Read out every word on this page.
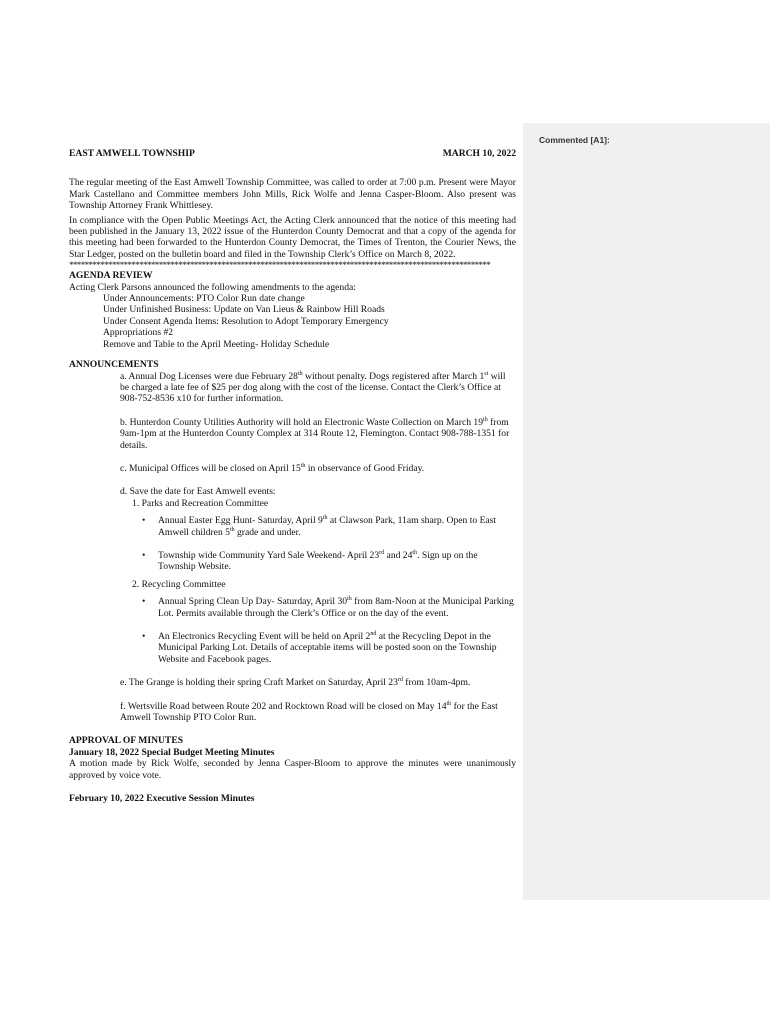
Commented [A1]:
EAST AMWELL TOWNSHIP	MARCH 10, 2022

The regular meeting of the East Amwell Township Committee, was called to order at 7:00 p.m. Present were Mayor Mark Castellano and Committee members John Mills, Rick Wolfe and Jenna Casper-Bloom. Also present was Township Attorney Frank Whittlesey.

In compliance with the Open Public Meetings Act, the Acting Clerk announced that the notice of this meeting had been published in the January 13, 2022 issue of the Hunterdon County Democrat and that a copy of the agenda for this meeting had been forwarded to the Hunterdon County Democrat, the Times of Trenton, the Courier News, the Star Ledger, posted on the bulletin board and filed in the Township Clerk’s Office on March 8, 2022.

************************************************************************************************************
AGENDA REVIEW
Acting Clerk Parsons announced the following amendments to the agenda:
Under Announcements: PTO Color Run date change
Under Unfinished Business: Update on Van Lieus & Rainbow Hill Roads
Under Consent Agenda Items: Resolution to Adopt Temporary Emergency
Appropriations #2
Remove and Table to the April Meeting- Holiday Schedule
ANNOUNCEMENTS
a. Annual Dog Licenses were due February 28th without penalty. Dogs registered after March 1st will be charged a late fee of $25 per dog along with the cost of the license. Contact the Clerk’s Office at 908-752-8536 x10 for further information.
b. Hunterdon County Utilities Authority will hold an Electronic Waste Collection on March 19th from 9am-1pm at the Hunterdon County Complex at 314 Route 12, Flemington. Contact 908-788-1351 for details.
c. Municipal Offices will be closed on April 15th in observance of Good Friday.
d. Save the date for East Amwell events:
1. Parks and Recreation Committee
• Annual Easter Egg Hunt- Saturday, April 9th at Clawson Park, 11am sharp. Open to East Amwell children 5th grade and under.
• Township wide Community Yard Sale Weekend- April 23rd and 24th. Sign up on the Township Website.
2. Recycling Committee
• Annual Spring Clean Up Day- Saturday, April 30th from 8am-Noon at the Municipal Parking Lot. Permits available through the Clerk’s Office or on the day of the event.
• An Electronics Recycling Event will be held on April 2nd at the Recycling Depot in the Municipal Parking Lot. Details of acceptable items will be posted soon on the Township Website and Facebook pages.
e. The Grange is holding their spring Craft Market on Saturday, April 23rd from 10am-4pm.
f. Wertsville Road between Route 202 and Rocktown Road will be closed on May 14th for the East Amwell Township PTO Color Run.
APPROVAL OF MINUTES
January 18, 2022 Special Budget Meeting Minutes

A motion made by Rick Wolfe, seconded by Jenna Casper-Bloom to approve the minutes were unanimously approved by voice vote.

February 10, 2022 Executive Session Minutes
